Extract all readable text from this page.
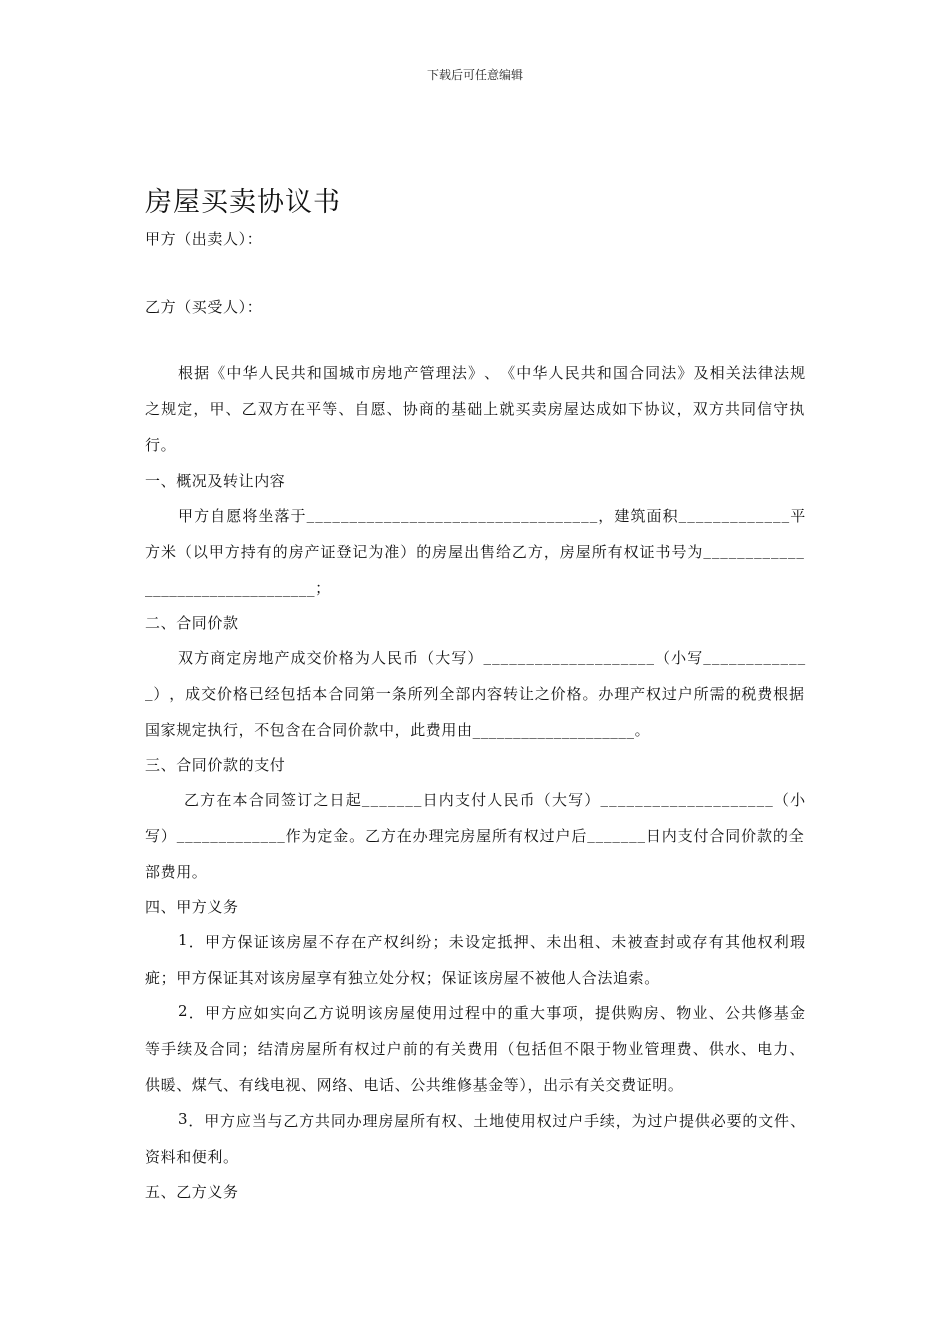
下载后可任意编辑
房屋买卖协议书
甲方（出卖人）：
乙方（买受人）：
根 据 《 中 华 人 民 共 和 国 城 市 房 地 产 管 理 法 》 、 《 中 华 人 民 共 和 国 合 同 法 》 及 相 关 法 律 法 规
之 规 定 ， 甲 、 乙 双 方 在 平 等 、 自 愿 、 协 商 的 基 础 上 就 买 卖 房 屋 达 成 如 下 协 议 ， 双 方 共 同 信 守 执
行。
一、概况及转让内容
甲 方 自 愿 将 坐 落 于 _ _ _ _ _ _ _ _ _ _ _ _ _ _ _ _ _ _ _ _ _ _ _ _ _ _ _ _ _ _ _ _ _ _ ， 建 筑 面 积 _ _ _ _ _ _ _ _ _ _ _ _ _ 平
方 米 （ 以 甲 方 持 有 的 房 产 证 登 记 为 准 ） 的 房 屋 出 售 给 乙 方 ， 房 屋 所 有 权 证 书 号 为 _ _ _ _ _ _ _ _ _ _ _ _
_____________________；
二、合同价款
双 方 商 定 房 地 产 成 交 价 格 为 人 民 币 （ 大 写 ） _ _ _ _ _ _ _ _ _ _ _ _ _ _ _ _ _ _ _ _ （ 小 写 _ _ _ _ _ _ _ _ _ _ _ _
_ ） ， 成 交 价 格 已 经 包 括 本 合 同 第 一 条 所 列 全 部 内 容 转 让 之 价 格 。 办 理 产 权 过 户 所 需 的 税 费 根 据
国家规定执行，不包含在合同价款中，此费用由____________________。
三、合同价款的支付
乙 方 在 本 合 同 签 订 之 日 起 _ _ _ _ _ _ _ 日 内 支 付 人 民 币 （ 大 写 ） _ _ _ _ _ _ _ _ _ _ _ _ _ _ _ _ _ _ _ _ （ 小
写 ） _ _ _ _ _ _ _ _ _ _ _ _ _ 作 为 定 金 。 乙 方 在 办 理 完 房 屋 所 有 权 过 户 后 _ _ _ _ _ _ _ 日 内 支 付 合 同 价 款 的 全
部费用。
四、甲方义务
1 ． 甲 方 保 证 该 房 屋 不 存 在 产 权 纠 纷 ； 未 设 定 抵 押 、 未 出 租 、 未 被 查 封 或 存 有 其 他 权 利 瑕
疵；甲方保证其对该房屋享有独立处分权；保证该房屋不被他人合法追索。
2 ． 甲 方 应 如 实 向 乙 方 说 明 该 房 屋 使 用 过 程 中 的 重 大 事 项 ， 提 供 购 房 、 物 业 、 公 共 修 基 金
等 手 续 及 合 同 ； 结 清 房 屋 所 有 权 过 户 前 的 有 关 费 用 （ 包 括 但 不 限 于 物 业 管 理 费 、 供 水 、 电 力 、
供暖、煤气、有线电视、网络、电话、公共维修基金等），出示有关交费证明。
3 ． 甲 方 应 当 与 乙 方 共 同 办 理 房 屋 所 有 权 、 土 地 使 用 权 过 户 手 续 ， 为 过 户 提 供 必 要 的 文 件 、
资料和便利。
五、乙方义务
